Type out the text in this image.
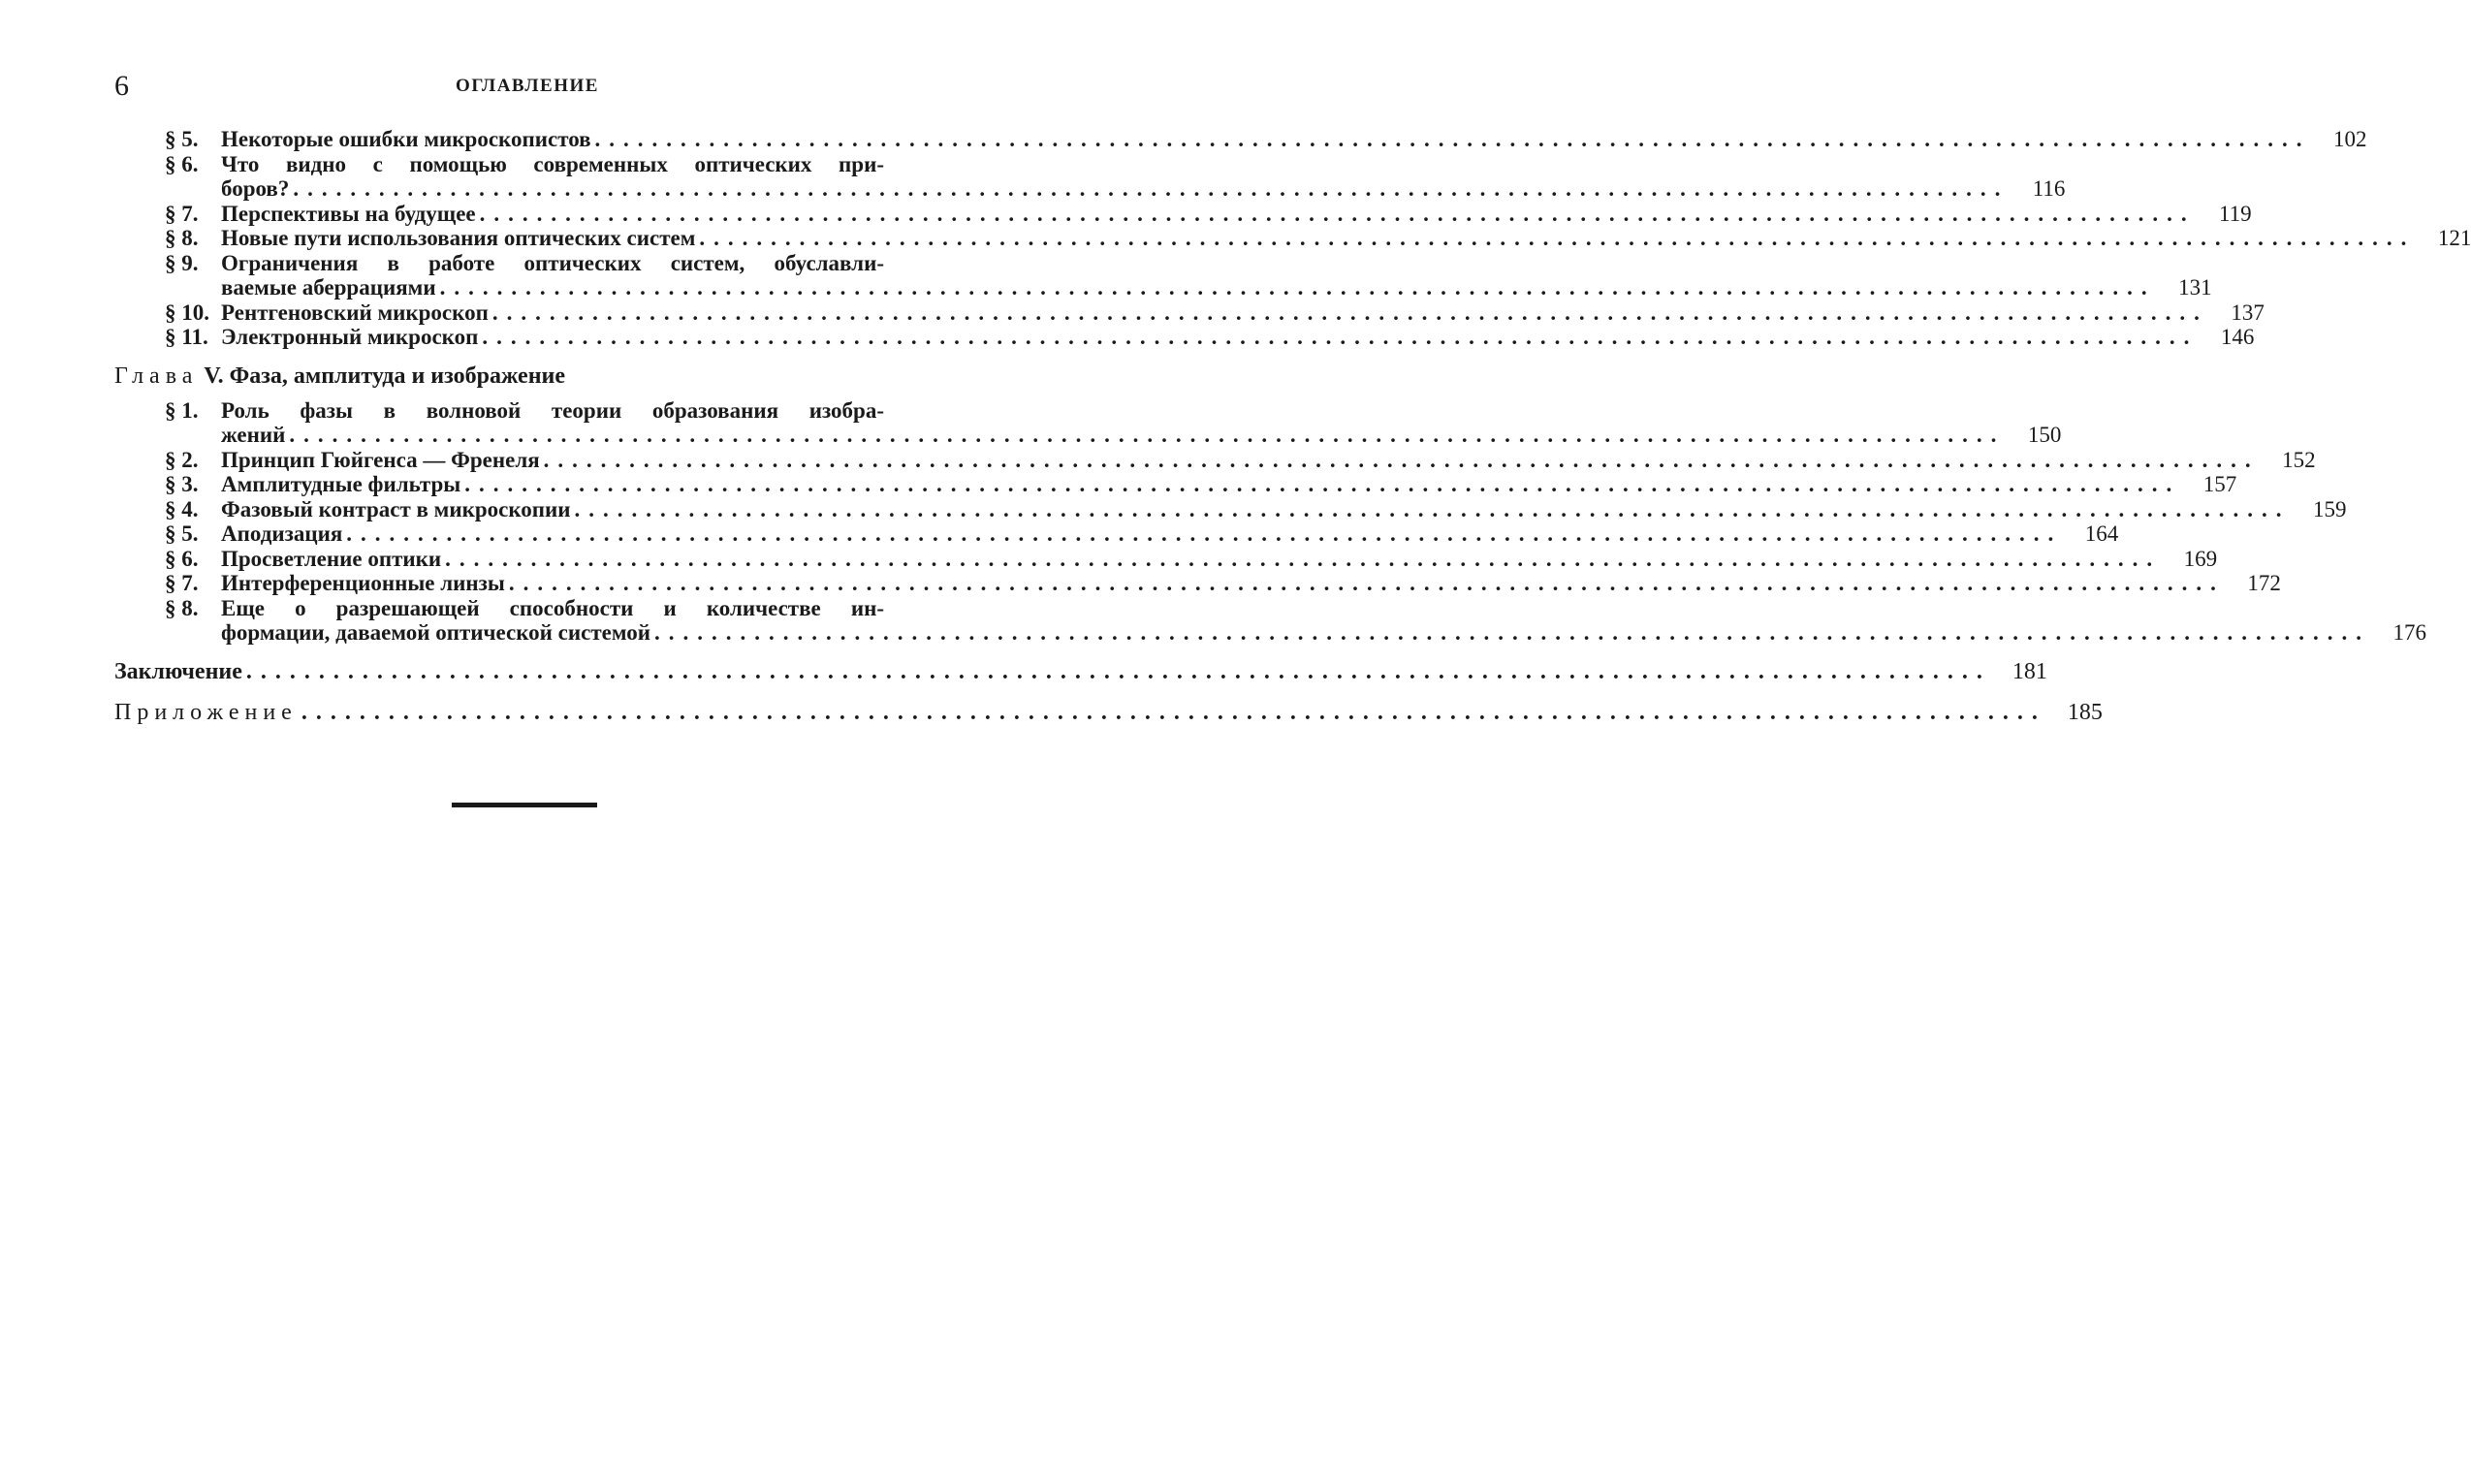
6	ОГЛАВЛЕНИЕ
§ 5.	Некоторые ошибки микроскопистов ........................................................................................................................	102
§ 6.	Что видно с помощью современных оптических при-
боров? ........................................................................................................................	116
§ 7.	Перспективы на будущее ........................................................................................................................	119
§ 8.	Новые пути использования оптических систем ........................................................................................................................	121
§ 9.	Ограничения в работе оптических систем, обуславли-
ваемые аберрациями ........................................................................................................................	131
§ 10. Рентгеновский микроскоп ........................................................................................................................	137
§ 11. Электронный микроскоп ........................................................................................................................	146
Глава V. Фаза, амплитуда и изображение
§ 1.	Роль фазы в волновой теории образования изобра-
жений ........................................................................................................................	150
§ 2.	Принцип Гюйгенса — Френеля ........................................................................................................................	152
§ 3.	Амплитудные фильтры ........................................................................................................................	157
§ 4.	Фазовый контраст в микроскопии ........................................................................................................................	159
§ 5.	Аподизация ........................................................................................................................	164
§ 6.	Просветление оптики ........................................................................................................................	169
§ 7.	Интерференционные линзы ........................................................................................................................	172
§ 8.	Еще о разрешающей способности и количестве ин-
формации, даваемой оптической системой ........................................................................................................................	176
Заключение ........................................................................................................................ 181
Приложение ........................................................................................................................ 185
